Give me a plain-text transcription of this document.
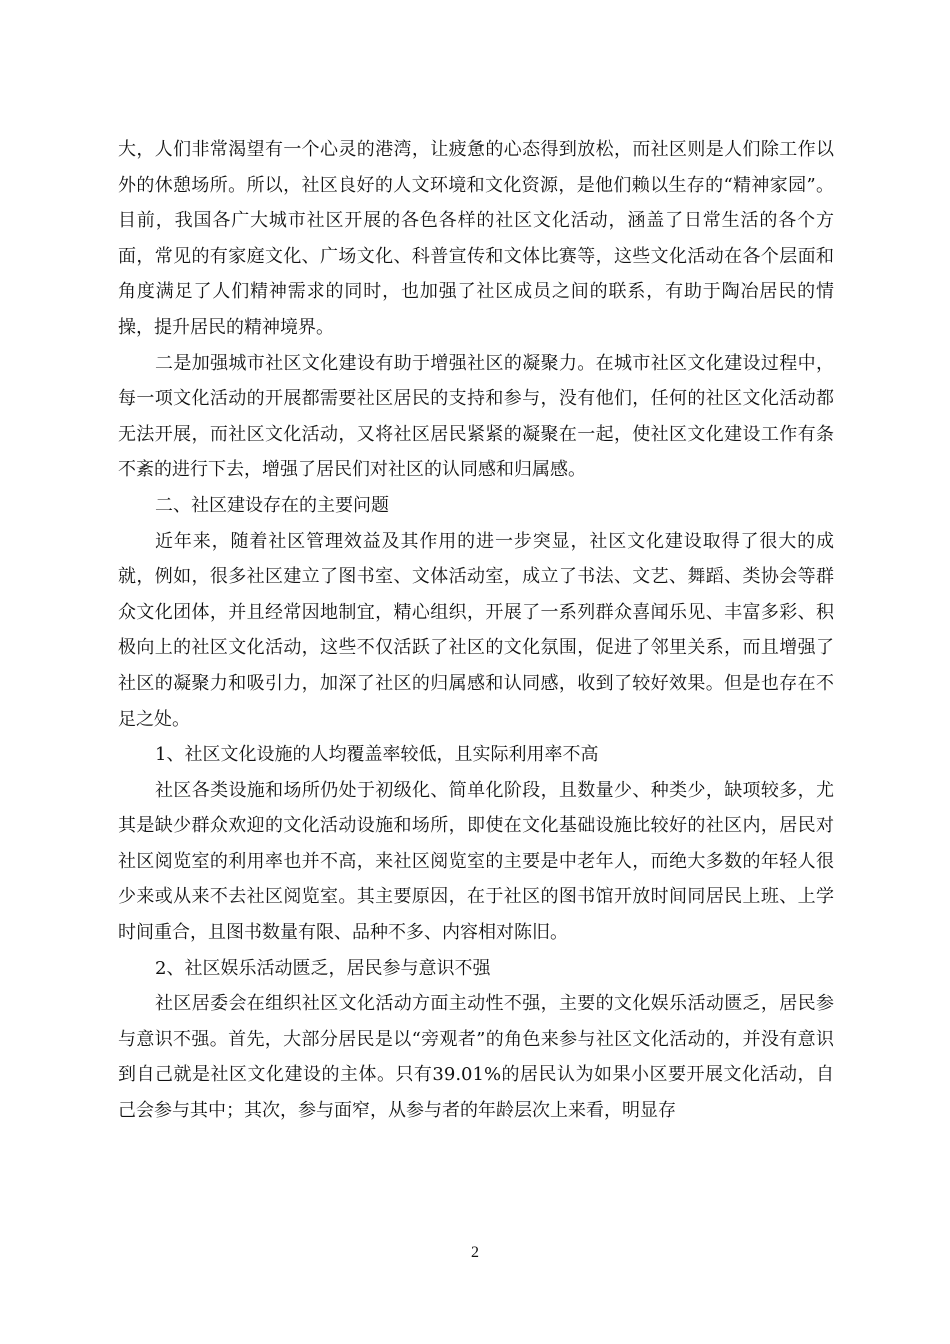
大，人们非常渴望有一个心灵的港湾，让疲惫的心态得到放松，而社区则是人们除工作以外的休憩场所。所以，社区良好的人文环境和文化资源，是他们赖以生存的“精神家园”。目前，我国各广大城市社区开展的各色各样的社区文化活动，涵盖了日常生活的各个方面，常见的有家庭文化、广场文化、科普宣传和文体比赛等，这些文化活动在各个层面和角度满足了人们精神需求的同时，也加强了社区成员之间的联系，有助于陶冶居民的情操，提升居民的精神境界。

二是加强城市社区文化建设有助于增强社区的凝聚力。在城市社区文化建设过程中，每一项文化活动的开展都需要社区居民的支持和参与，没有他们，任何的社区文化活动都无法开展，而社区文化活动，又将社区居民紧紧的凝聚在一起，使社区文化建设工作有条不紊的进行下去，增强了居民们对社区的认同感和归属感。

二、社区建设存在的主要问题

近年来，随着社区管理效益及其作用的进一步突显，社区文化建设取得了很大的成就，例如，很多社区建立了图书室、文体活动室，成立了书法、文艺、舞蹈、类协会等群众文化团体，并且经常因地制宜，精心组织，开展了一系列群众喜闻乐见、丰富多彩、积极向上的社区文化活动，这些不仅活跃了社区的文化氛围，促进了邻里关系，而且增强了社区的凝聚力和吸引力，加深了社区的归属感和认同感，收到了较好效果。但是也存在不足之处。

1、社区文化设施的人均覆盖率较低，且实际利用率不高

社区各类设施和场所仍处于初级化、简单化阶段，且数量少、种类少，缺项较多，尤其是缺少群众欢迎的文化活动设施和场所，即使在文化基础设施比较好的社区内，居民对社区阅览室的利用率也并不高，来社区阅览室的主要是中老年人，而绝大多数的年轻人很少来或从来不去社区阅览室。其主要原因，在于社区的图书馆开放时间同居民上班、上学时间重合，且图书数量有限、品种不多、内容相对陈旧。

2、社区娱乐活动匮乏，居民参与意识不强

社区居委会在组织社区文化活动方面主动性不强，主要的文化娱乐活动匮乏，居民参与意识不强。首先，大部分居民是以“旁观者”的角色来参与社区文化活动的，并没有意识到自己就是社区文化建设的主体。只有39.01%的居民认为如果小区要开展文化活动，自己会参与其中；其次，参与面窄，从参与者的年龄层次上来看，明显存

2
